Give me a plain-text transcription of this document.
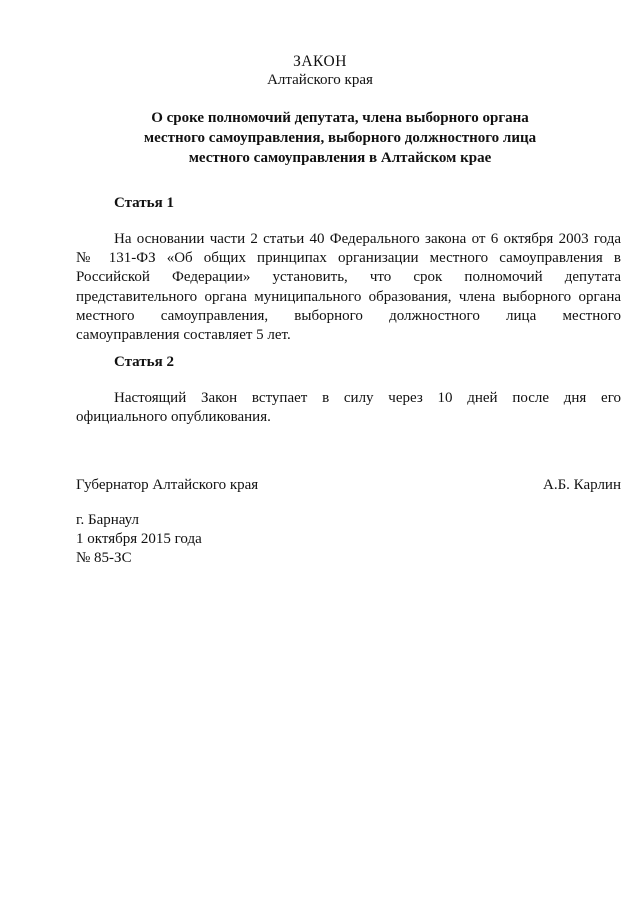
ЗАКОН
Алтайского края
О сроке полномочий депутата, члена выборного органа
местного самоуправления, выборного должностного лица
местного самоуправления в Алтайском крае
Статья 1
На основании части 2 статьи 40 Федерального закона от 6 октября 2003 года
№ 131-ФЗ «Об общих принципах организации местного самоуправления в
Российской Федерации» установить, что срок полномочий депутата
представительного органа муниципального образования, члена выборного органа
местного самоуправления, выборного должностного лица местного
самоуправления составляет 5 лет.
Статья 2
Настоящий Закон вступает в силу через 10 дней после дня его
официального опубликования.
Губернатор Алтайского края	А.Б. Карлин
г. Барнаул
1 октября 2015 года
№ 85-ЗС
